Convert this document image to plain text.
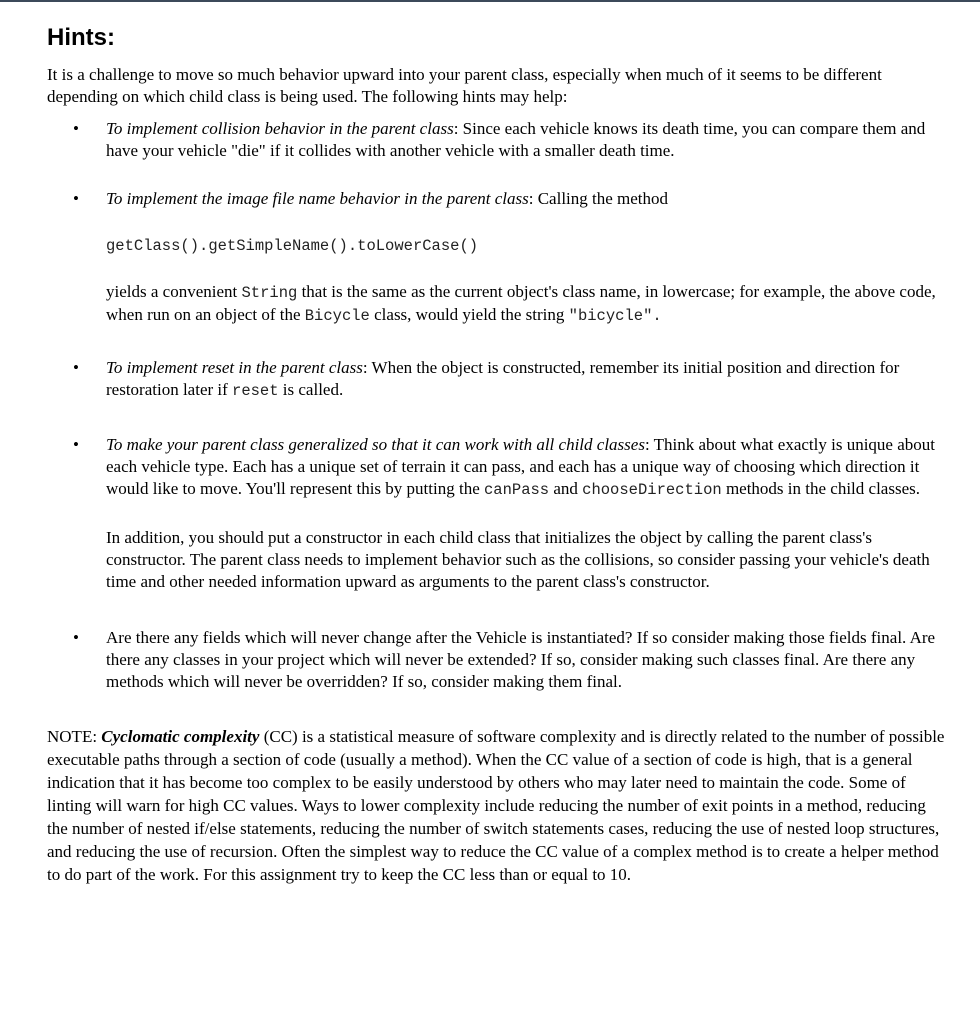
Hints:

It is a challenge to move so much behavior upward into your parent class, especially when much of it seems to be different depending on which child class is being used. The following hints may help:

• To implement collision behavior in the parent class: Since each vehicle knows its death time, you can compare them and have your vehicle "die" if it collides with another vehicle with a smaller death time.
• To implement the image file name behavior in the parent class: Calling the method
getClass().getSimpleName().toLowerCase()
yields a convenient String that is the same as the current object's class name, in lowercase; for example, the above code, when run on an object of the Bicycle class, would yield the string "bicycle".
• To implement reset in the parent class: When the object is constructed, remember its initial position and direction for restoration later if reset is called.
• To make your parent class generalized so that it can work with all child classes: Think about what exactly is unique about each vehicle type. Each has a unique set of terrain it can pass, and each has a unique way of choosing which direction it would like to move. You'll represent this by putting the canPass and chooseDirection methods in the child classes.
In addition, you should put a constructor in each child class that initializes the object by calling the parent class's constructor. The parent class needs to implement behavior such as the collisions, so consider passing your vehicle's death time and other needed information upward as arguments to the parent class's constructor.
• Are there any fields which will never change after the Vehicle is instantiated? If so consider making those fields final. Are there any classes in your project which will never be extended? If so, consider making such classes final. Are there any methods which will never be overridden? If so, consider making them final.

NOTE: Cyclomatic complexity (CC) is a statistical measure of software complexity and is directly related to the number of possible executable paths through a section of code (usually a method). When the CC value of a section of code is high, that is a general indication that it has become too complex to be easily understood by others who may later need to maintain the code. Some of linting will warn for high CC values. Ways to lower complexity include reducing the number of exit points in a method, reducing the number of nested if/else statements, reducing the number of switch statements cases, reducing the use of nested loop structures, and reducing the use of recursion. Often the simplest way to reduce the CC value of a complex method is to create a helper method to do part of the work. For this assignment try to keep the CC less than or equal to 10.
